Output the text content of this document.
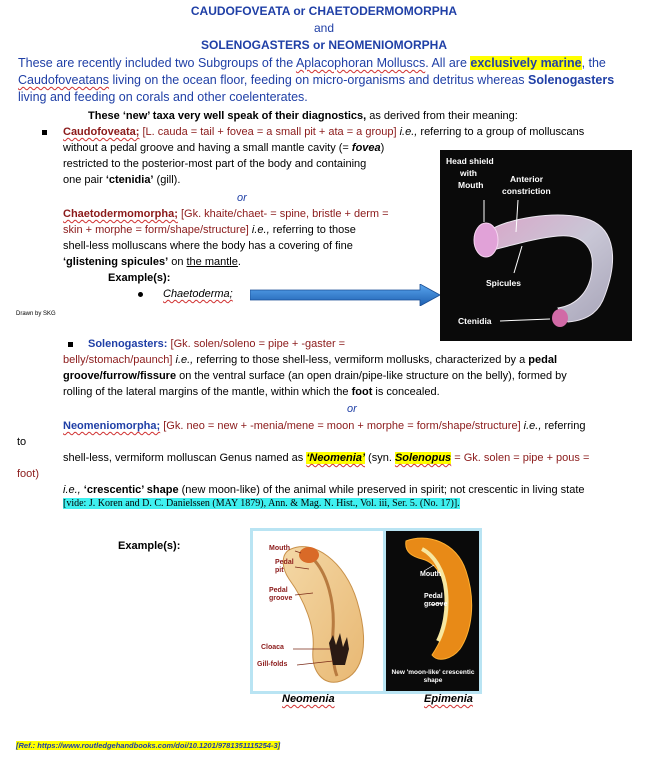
CAUDOFOVEATA or CHAETODERMOMORPHA
and
SOLENOGASTERS or NEOMENIOMORPHA
These are recently included two Subgroups of the Aplacophoran Molluscs. All are exclusively marine, the Caudofoveatans living on the ocean floor, feeding on micro-organisms and detritus whereas Solenogasters living and feeding on corals and other coelenterates.
These ‘new’ taxa very well speak of their diagnostics, as derived from their meaning:
Caudofoveata; [L. cauda = tail + fovea = a small pit + ata = a group] i.e., referring to a group of molluscans
without a pedal groove and having a small mantle cavity (= fovea)
restricted to the posterior-most part of the body and containing
one pair ‘ctenidia’ (gill).
or
Chaetodermomorpha; [Gk. khaite/chaet- = spine, bristle + derm =
skin + morphe = form/shape/structure] i.e., referring to those
shell-less molluscans where the body has a covering of fine
‘glistening spicules’ on the mantle.
Example(s):
Chaetoderma;
Drawn by SKG
Head shield
with
Mouth
Anterior
constriction
Spicules
Ctenidia
Solenogasters: [Gk. solen/soleno = pipe + -gaster =
belly/stomach/paunch] i.e., referring to those shell-less, vermiform mollusks, characterized by a pedal
groove/furrow/fissure on the ventral surface (an open drain/pipe-like structure on the belly), formed by
rolling of the lateral margins of the mantle, within which the foot is concealed.
or
Neomeniomorpha; [Gk. neo = new + -menia/mene = moon + morphe = form/shape/structure] i.e., referring
to
shell-less, vermiform molluscan Genus named as ‘Neomenia’ (syn. Solenopus = Gk. solen = pipe + pous =
foot)
i.e., ‘crescentic’ shape (new moon-like) of the animal while preserved in spirit; not crescentic in living state
[vide: J. Koren and D. C. Danielssen (MAY 1879), Ann. & Mag. N. Hist., Vol. iii, Ser. 5. (No. 17)].
Example(s):	Mouth
Pedal
pit
Pedal
groove
Cloaca
Gill-folds
Mouth
Pedal
groove
New 'moon-like' crescentic
shape
Neomenia	Epimenia
[Ref.: https://www.routledgehandbooks.com/doi/10.1201/9781351115254-3]
